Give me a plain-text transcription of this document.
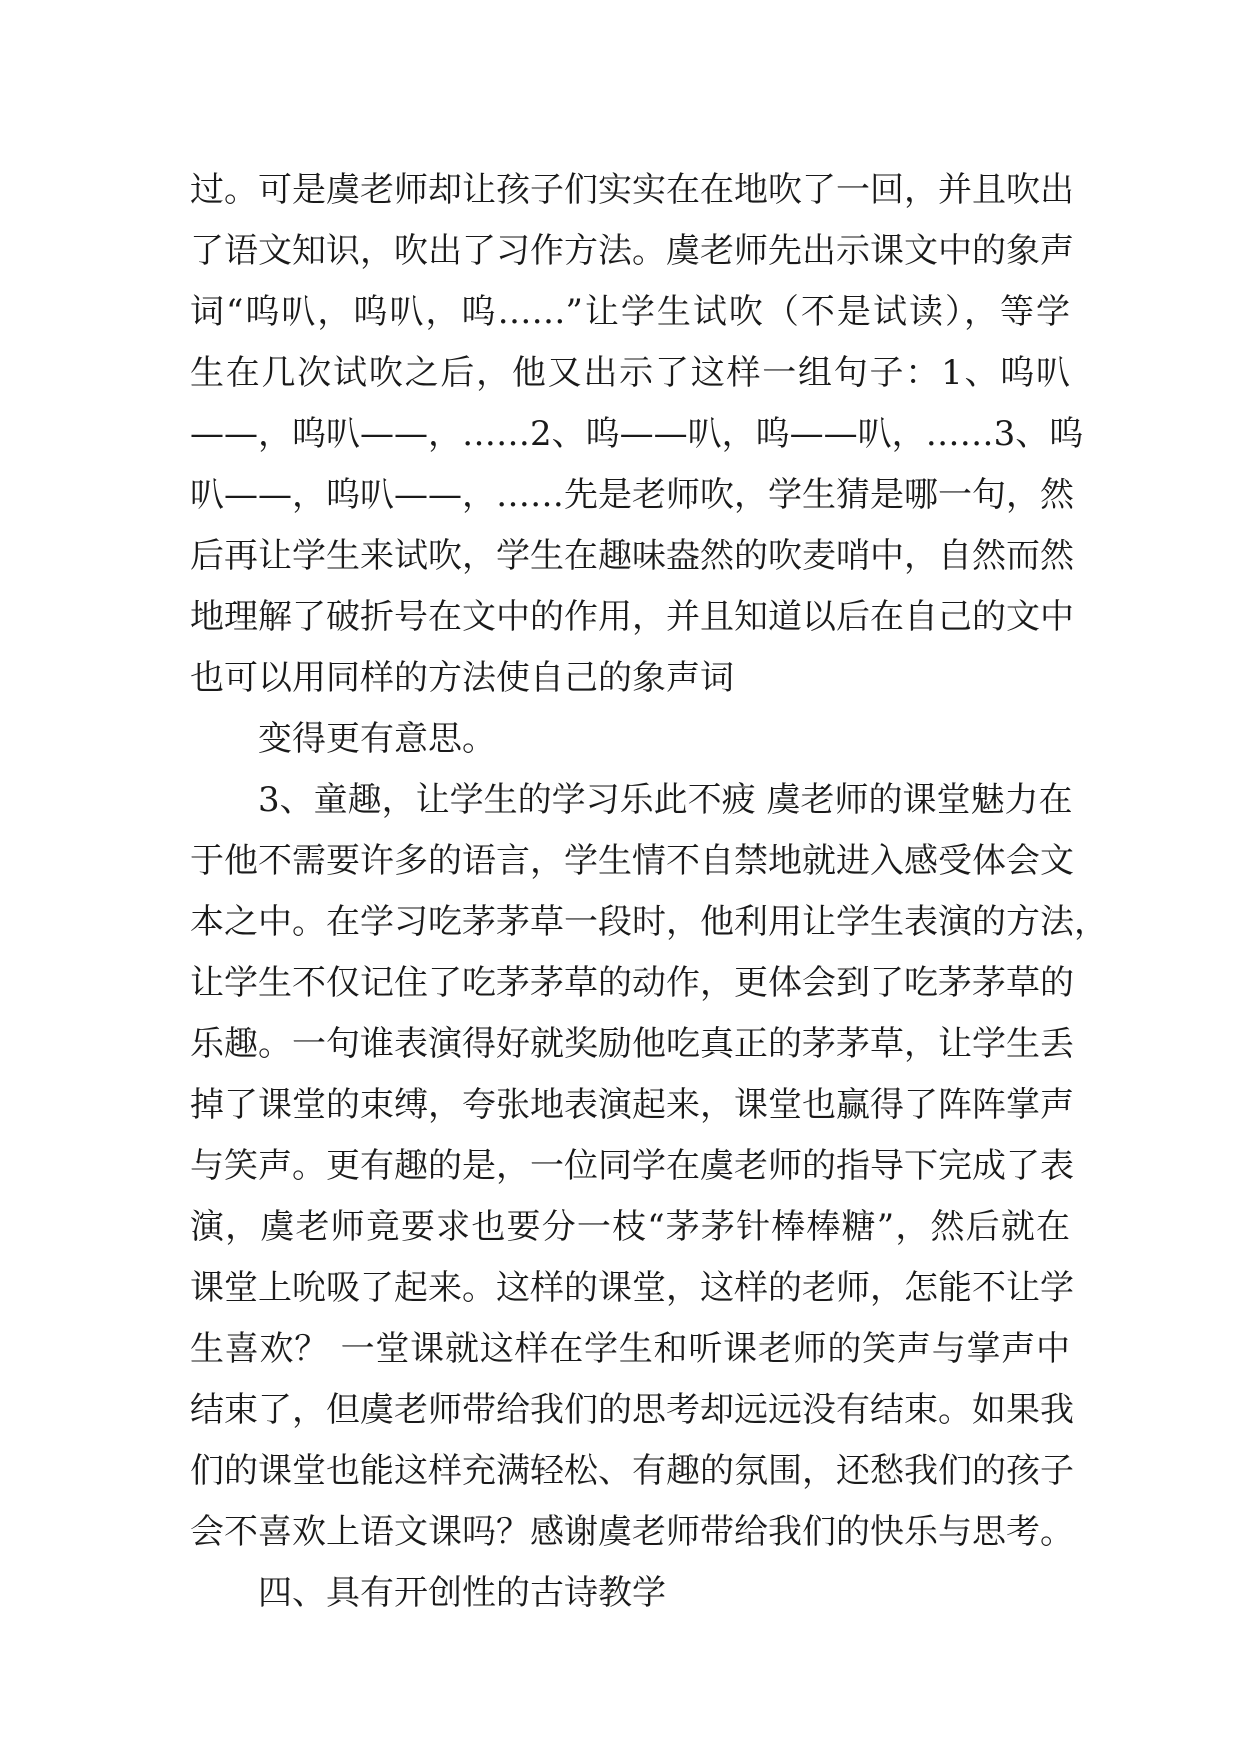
过。可是虞老师却让孩子们实实在在地吹了一回，并且吹出
了语文知识，吹出了习作方法。虞老师先出示课文中的象声
词“呜叭，呜叭，呜……”让学生试吹（不是试读），等学
生在几次试吹之后，他又出示了这样一组句子：1、呜叭
——，呜叭——，……2、呜——叭，呜——叭，……3、呜
叭——，呜叭——，……先是老师吹，学生猜是哪一句，然
后再让学生来试吹，学生在趣味盎然的吹麦哨中，自然而然
地理解了破折号在文中的作用，并且知道以后在自己的文中
也可以用同样的方法使自己的象声词
变得更有意思。
3、童趣，让学生的学习乐此不疲 虞老师的课堂魅力在
于他不需要许多的语言，学生情不自禁地就进入感受体会文
本之中。在学习吃茅茅草一段时，他利用让学生表演的方法，
让学生不仅记住了吃茅茅草的动作，更体会到了吃茅茅草的
乐趣。一句谁表演得好就奖励他吃真正的茅茅草，让学生丢
掉了课堂的束缚，夸张地表演起来，课堂也赢得了阵阵掌声
与笑声。更有趣的是，一位同学在虞老师的指导下完成了表
演，虞老师竟要求也要分一枝“茅茅针棒棒糖”，然后就在
课堂上吮吸了起来。这样的课堂，这样的老师，怎能不让学
生喜欢？ 一堂课就这样在学生和听课老师的笑声与掌声中
结束了，但虞老师带给我们的思考却远远没有结束。如果我
们的课堂也能这样充满轻松、有趣的氛围，还愁我们的孩子
会不喜欢上语文课吗？感谢虞老师带给我们的快乐与思考。
四、具有开创性的古诗教学
